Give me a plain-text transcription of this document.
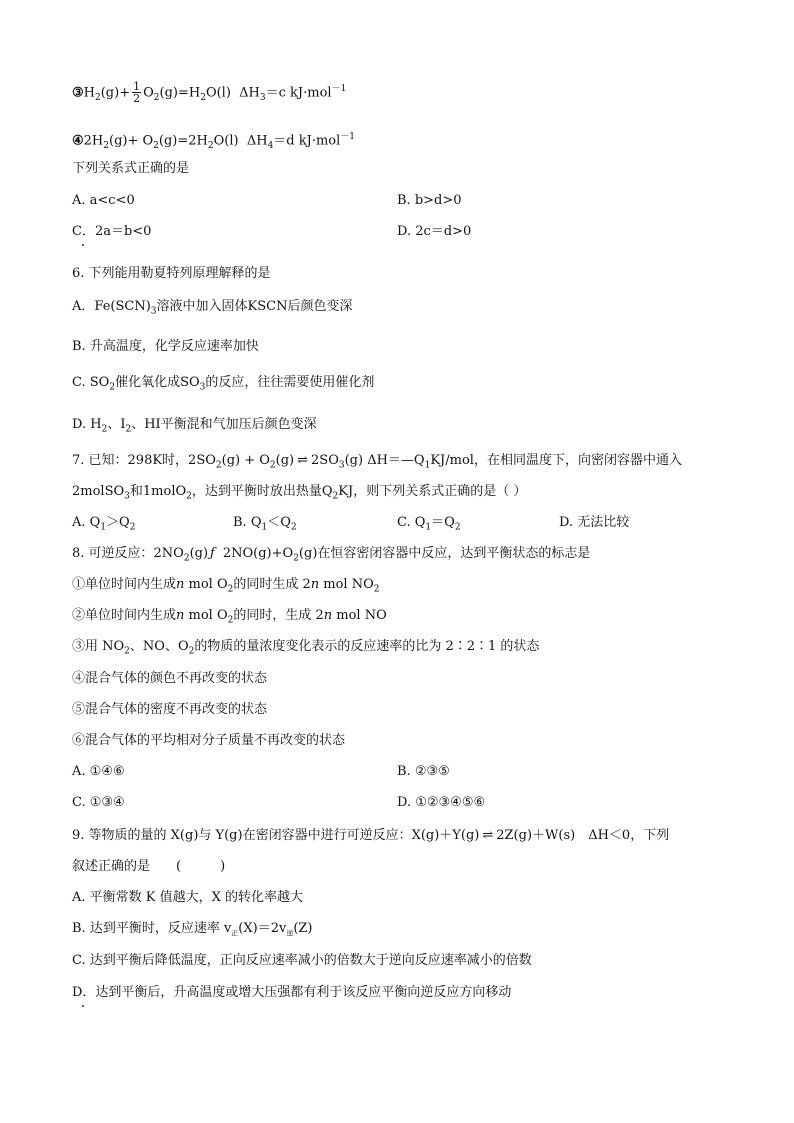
$③H_2(g)+ \frac{1}{2} O_2(g)=H_2O(l)$ $\Delta H_3=c$ kJ·mol$^{-1}$
$④2H_2(g)+ O_2(g)=2H_2O(l)$ $\Delta H_4=d$ kJ·mol$^{-1}$
下列关系式正确的是
A. a<c<0	B. b>d>0
C．2a＝b<0	D. 2c＝d>0
6. 下列能用勒夏特列原理解释的是
A．$Fe(SCN)_3$溶液中加入固体KSCN后颜色变深
B. 升高温度，化学反应速率加快
C. $SO_2$催化氧化成$SO_3$的反应，往往需要使用催化剂
D. $H_2$、$I_2$、HI平衡混和气加压后颜色变深
7. 已知：298K时，$2SO_2(g) + O_2(g)$ ⇌ $2SO_3(g)$ $\Delta H=—Q_1KJ$/mol，在相同温度下，向密闭容器中通入
2molSO$_3$和1molO$_2$，达到平衡时放出热量$Q_2KJ$，则下列关系式正确的是（ ）
A. $Q_1>Q_2$	B. $Q_1<Q_2$	C. $Q_1=Q_2$	D. 无法比较
8. 可逆反应：$2NO_2(g)$ ƒ $2NO(g)+O_2(g)$在恒容密闭容器中反应，达到平衡状态的标志是
①单位时间内生成n mol $O_2$的同时生成 2n mol $NO_2$
②单位时间内生成n mol $O_2$的同时，生成 2n mol NO
③用 $NO_2$、NO、$O_2$的物质的量浓度变化表示的反应速率的比为 2∶2∶1 的状态
④混合气体的颜色不再改变的状态
⑤混合气体的密度不再改变的状态
⑥混合气体的平均相对分子质量不再改变的状态
A. ①④⑥	B. ②③⑤
C. ①③④	D. ①②③④⑤⑥
9. 等物质的量的 X(g)与 Y(g)在密闭容器中进行可逆反应：X(g)＋Y(g) ⇌ 2Z(g)＋W(s)　ΔH＜0，下列
叙述正确的是　　(　　　)
A. 平衡常数 K 值越大，X 的转化率越大
B. 达到平衡时，反应速率 $v_正(X)=2v_逆(Z)$
C. 达到平衡后降低温度，正向反应速率减小的倍数大于逆向反应速率减小的倍数
D．达到平衡后，升高温度或增大压强都有利于该反应平衡向逆反应方向移动
